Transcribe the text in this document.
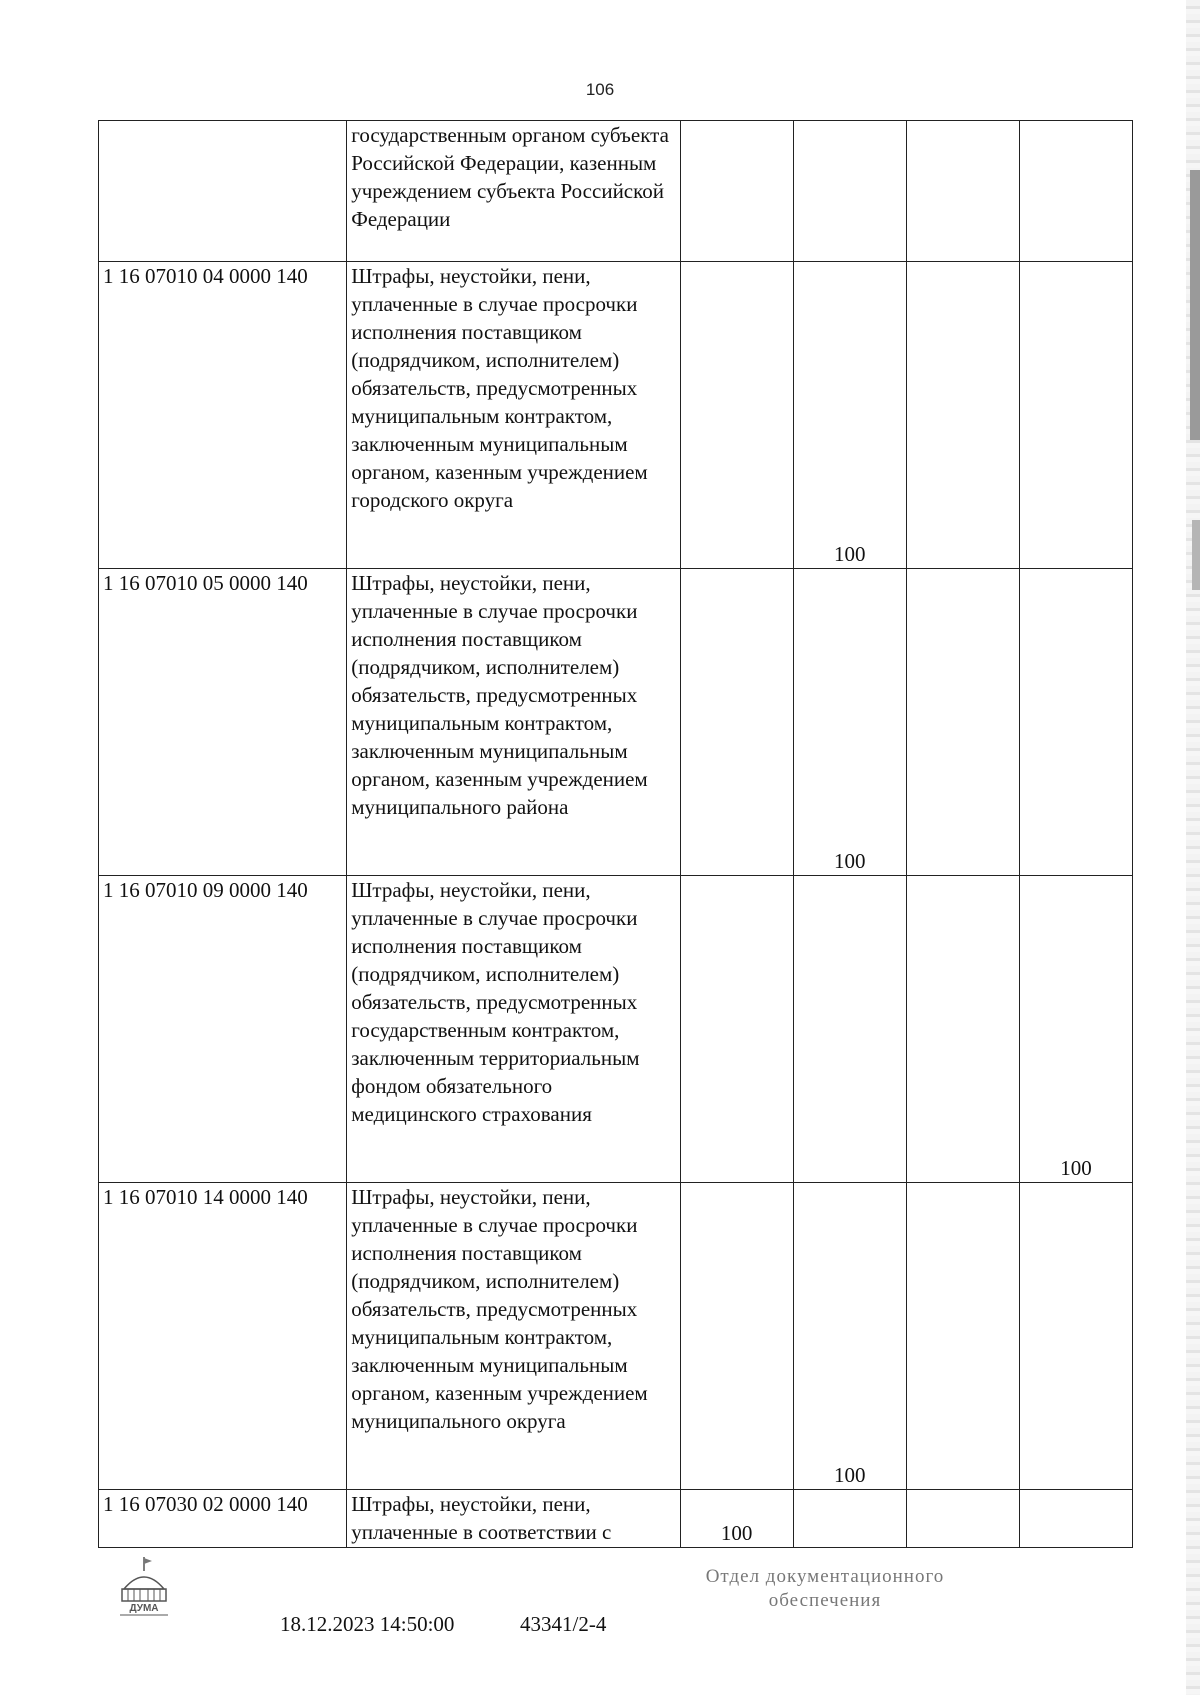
106
	государственным органом субъекта Российской Федерации, казенным учреждением субъекта Российской Федерации				
1 16 07010 04 0000 140	Штрафы, неустойки, пени, уплаченные в случае просрочки исполнения поставщиком (подрядчиком, исполнителем) обязательств, предусмотренных муниципальным контрактом, заключенным муниципальным органом, казенным учреждением городского округа		100		
1 16 07010 05 0000 140	Штрафы, неустойки, пени, уплаченные в случае просрочки исполнения поставщиком (подрядчиком, исполнителем) обязательств, предусмотренных муниципальным контрактом, заключенным муниципальным органом, казенным учреждением муниципального района		100		
1 16 07010 09 0000 140	Штрафы, неустойки, пени, уплаченные в случае просрочки исполнения поставщиком (подрядчиком, исполнителем) обязательств, предусмотренных государственным контрактом, заключенным территориальным фондом обязательного медицинского страхования				100
1 16 07010 14 0000 140	Штрафы, неустойки, пени, уплаченные в случае просрочки исполнения поставщиком (подрядчиком, исполнителем) обязательств, предусмотренных муниципальным контрактом, заключенным муниципальным органом, казенным учреждением муниципального округа		100		
1 16 07030 02 0000 140	Штрафы, неустойки, пени, уплаченные в соответствии с	100			
ДУМА
18.12.2023 14:50:00	43341/2-4
Отдел документационного
обеспечения
